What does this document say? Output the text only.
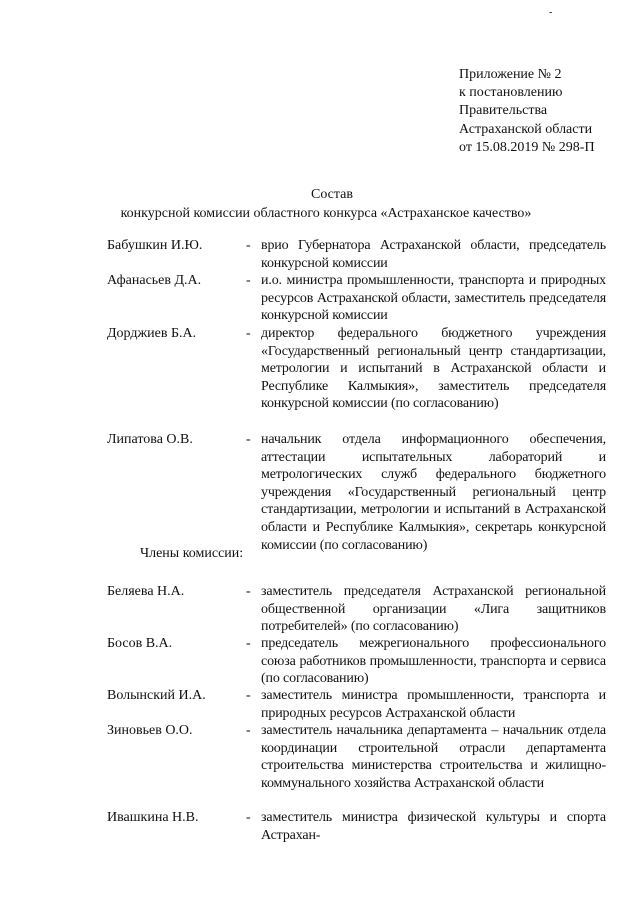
-
Приложение № 2
к постановлению
Правительства
Астраханской области
от 15.08.2019 № 298-П
Состав
конкурсной комиссии областного конкурса «Астраханское качество»
Бабушкин И.Ю.	- врио Губернатора Астраханской области, председатель конкурсной комиссии
Афанасьев Д.А.	- и.о. министра промышленности, транспорта и природных ресурсов Астраханской области, заместитель председателя конкурсной комиссии
Дорджиев Б.А.	- директор федерального бюджетного учреждения «Государственный региональный центр стандартизации, метрологии и испытаний в Астраханской области и Республике Калмыкия», заместитель председателя конкурсной комиссии (по согласованию)
Липатова О.В.	- начальник отдела информационного обеспечения, аттестации испытательных лабораторий и метрологических служб федерального бюджетного учреждения «Государственный региональный центр стандартизации, метрологии и испытаний в Астраханской области и Республике Калмыкия», секретарь конкурсной комиссии (по согласованию)
Члены комиссии:
Беляева Н.А.	- заместитель председателя Астраханской региональной общественной организации «Лига защитников потребителей» (по согласованию)
Босов В.А.	- председатель межрегионального профессионального союза работников промышленности, транспорта и сервиса (по согласованию)
Волынский И.А.	- заместитель министра промышленности, транспорта и природных ресурсов Астраханской области
Зиновьев О.О.	- заместитель начальника департамента – начальник отдела координации строительной отрасли департамента строительства министерства строительства и жилищно-коммунального хозяйства Астраханской области
Ивашкина Н.В.	- заместитель министра физической культуры и спорта Астрахан-
